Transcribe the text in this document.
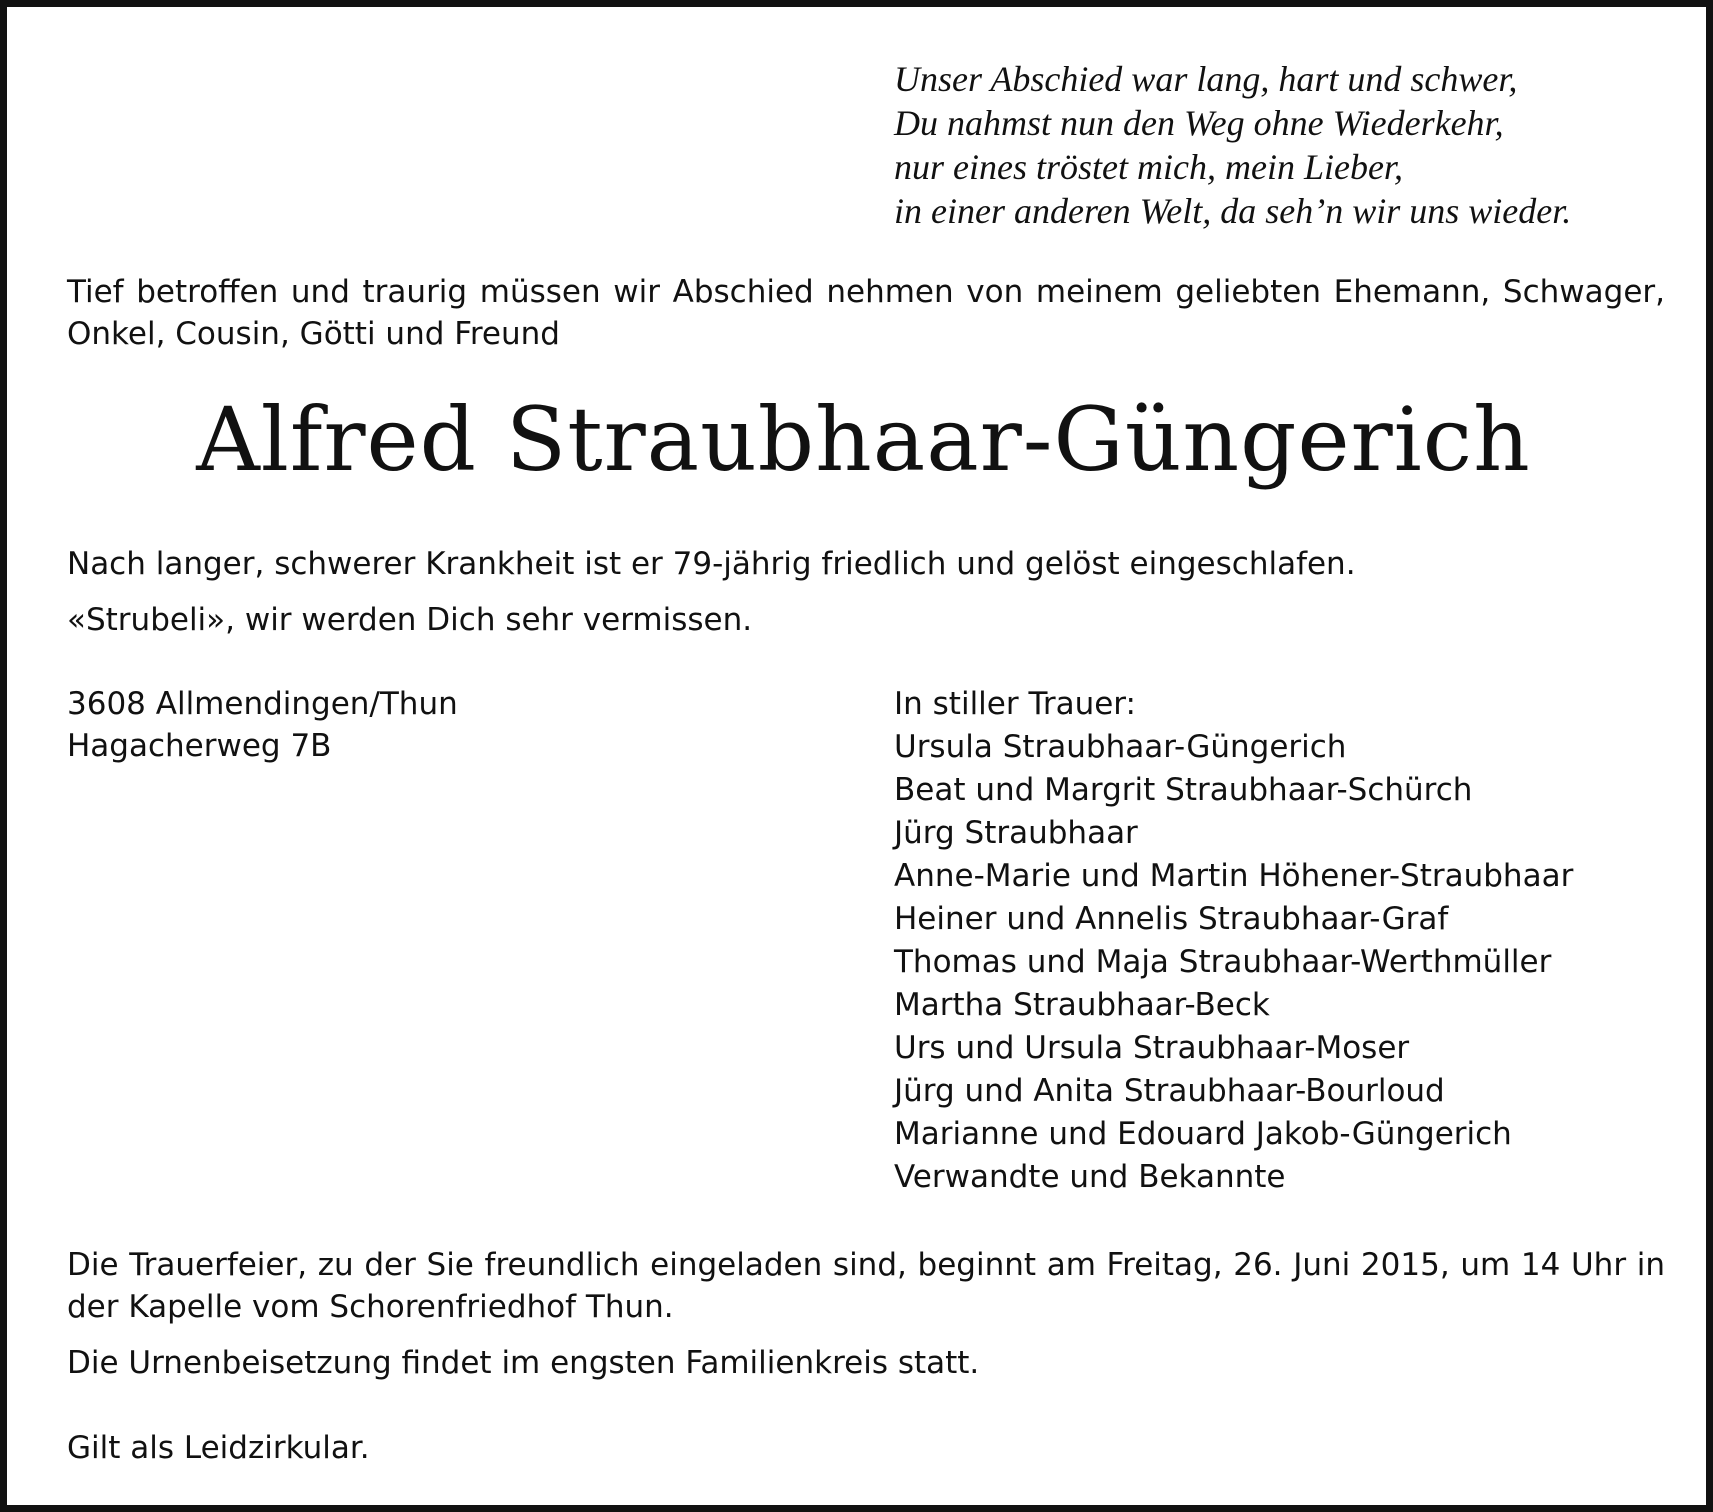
Unser Abschied war lang, hart und schwer,
Du nahmst nun den Weg ohne Wiederkehr,
nur eines tröstet mich, mein Lieber,
in einer anderen Welt, da seh’n wir uns wieder.
Tief betroffen und traurig müssen wir Abschied nehmen von meinem geliebten Ehemann, Schwager, Onkel, Cousin, Götti und Freund
Alfred Straubhaar-Güngerich
Nach langer, schwerer Krankheit ist er 79-jährig friedlich und gelöst eingeschlafen.
«Strubeli», wir werden Dich sehr vermissen.
3608 Allmendingen/Thun
Hagacherweg 7B
In stiller Trauer:
Ursula Straubhaar-Güngerich
Beat und Margrit Straubhaar-Schürch
Jürg Straubhaar
Anne-Marie und Martin Höhener-Straubhaar
Heiner und Annelis Straubhaar-Graf
Thomas und Maja Straubhaar-Werthmüller
Martha Straubhaar-Beck
Urs und Ursula Straubhaar-Moser
Jürg und Anita Straubhaar-Bourloud
Marianne und Edouard Jakob-Güngerich
Verwandte und Bekannte
Die Trauerfeier, zu der Sie freundlich eingeladen sind, beginnt am Freitag, 26. Juni 2015, um 14 Uhr in der Kapelle vom Schorenfriedhof Thun.
Die Urnenbeisetzung findet im engsten Familienkreis statt.
Gilt als Leidzirkular.
